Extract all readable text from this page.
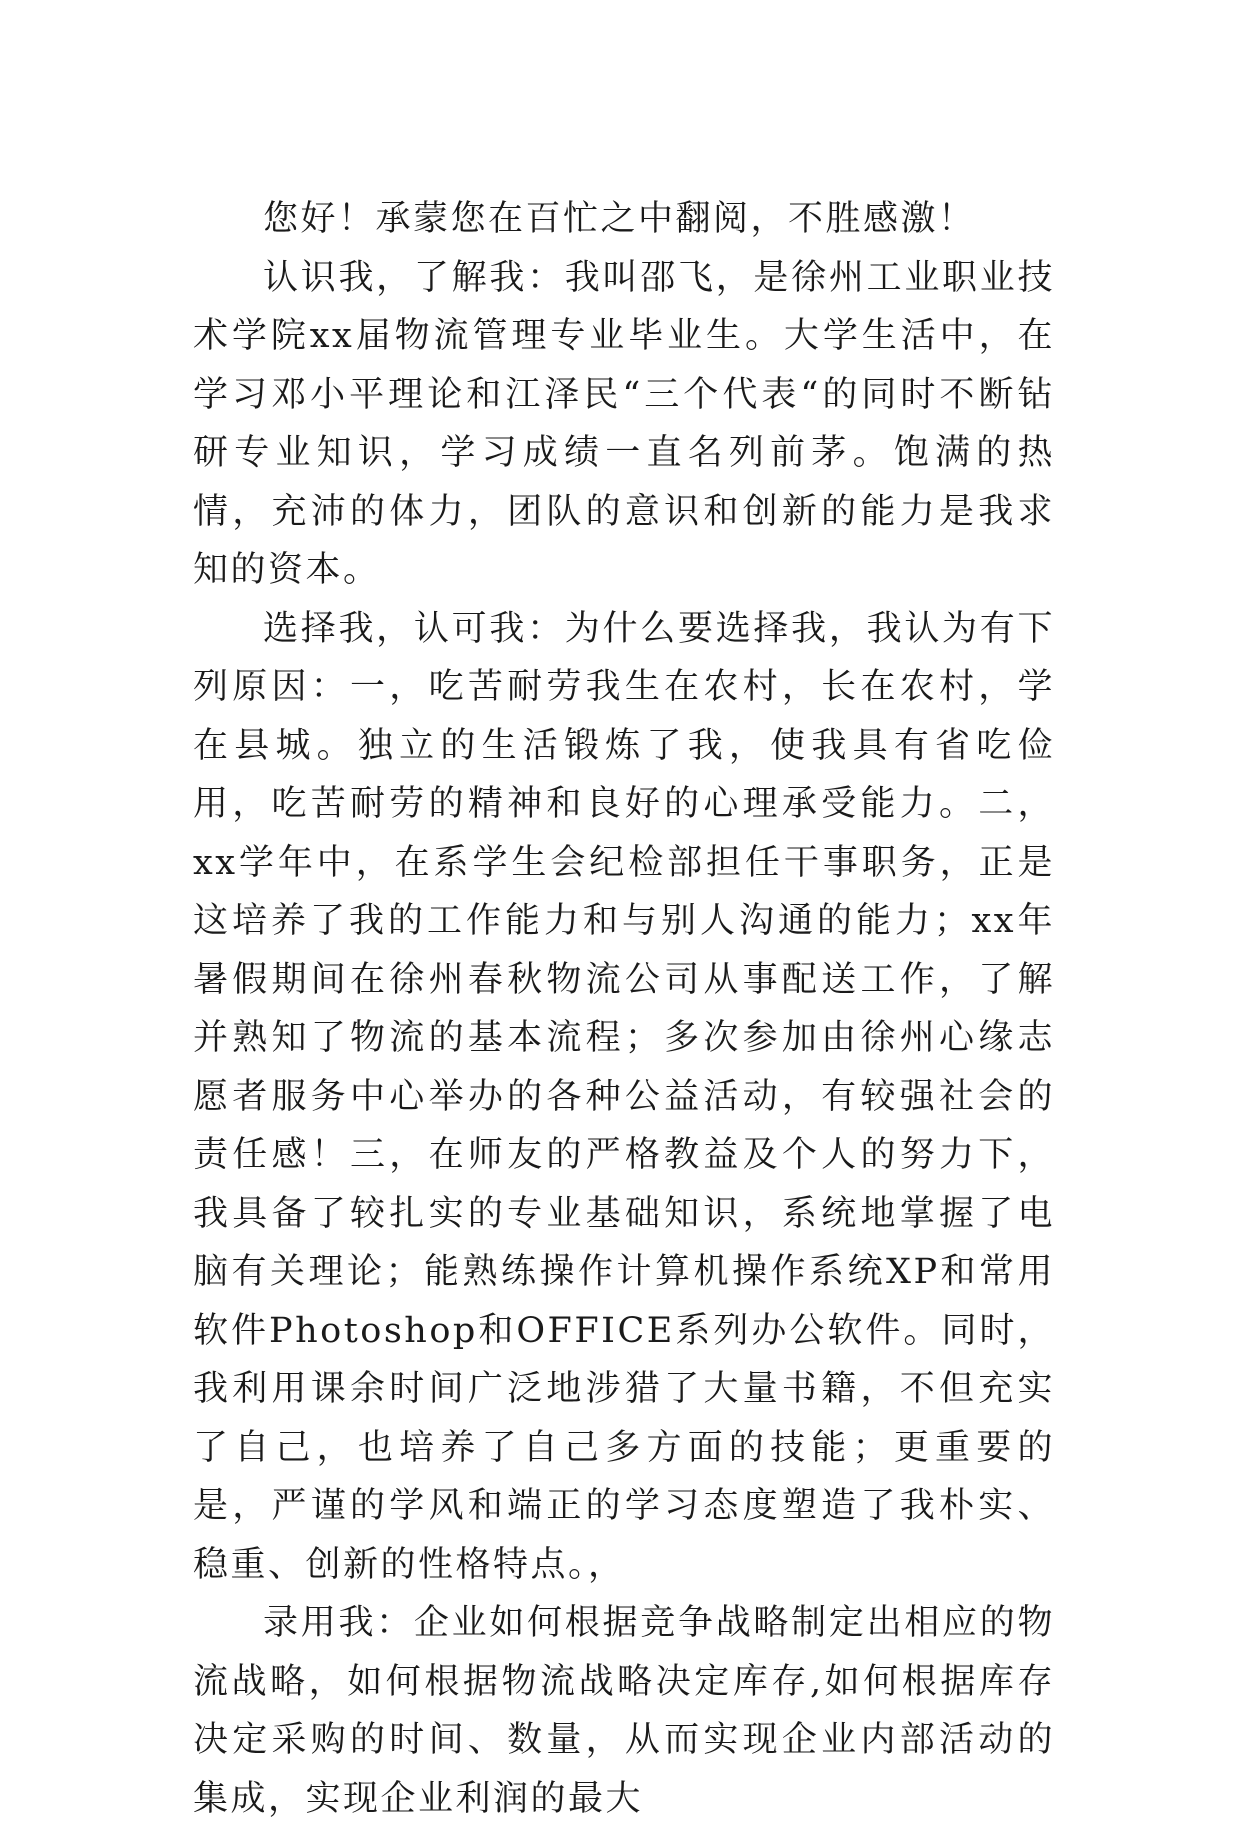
您好！承蒙您在百忙之中翻阅，不胜感激！

认识我，了解我：我叫邵飞，是徐州工业职业技术学院xx届物流管理专业毕业生。大学生活中，在学习邓小平理论和江泽民“三个代表“的同时不断钻研专业知识，学习成绩一直名列前茅。饱满的热情，充沛的体力，团队的意识和创新的能力是我求知的资本。

选择我，认可我：为什么要选择我，我认为有下列原因：一，吃苦耐劳我生在农村，长在农村，学在县城。独立的生活锻炼了我，使我具有省吃俭用，吃苦耐劳的精神和良好的心理承受能力。二，xx学年中，在系学生会纪检部担任干事职务，正是这培养了我的工作能力和与别人沟通的能力；xx年暑假期间在徐州春秋物流公司从事配送工作，了解并熟知了物流的基本流程；多次参加由徐州心缘志愿者服务中心举办的各种公益活动，有较强社会的责任感！三，在师友的严格教益及个人的努力下，我具备了较扎实的专业基础知识，系统地掌握了电脑有关理论；能熟练操作计算机操作系统XP和常用软件Photoshop和OFFICE系列办公软件。同时，我利用课余时间广泛地涉猎了大量书籍，不但充实了自己，也培养了自己多方面的技能；更重要的是，严谨的学风和端正的学习态度塑造了我朴实、稳重、创新的性格特点。，

录用我：企业如何根据竞争战略制定出相应的物流战略，如何根据物流战略决定库存,如何根据库存决定采购的时间、数量，从而实现企业内部活动的集成，实现企业利润的最大
